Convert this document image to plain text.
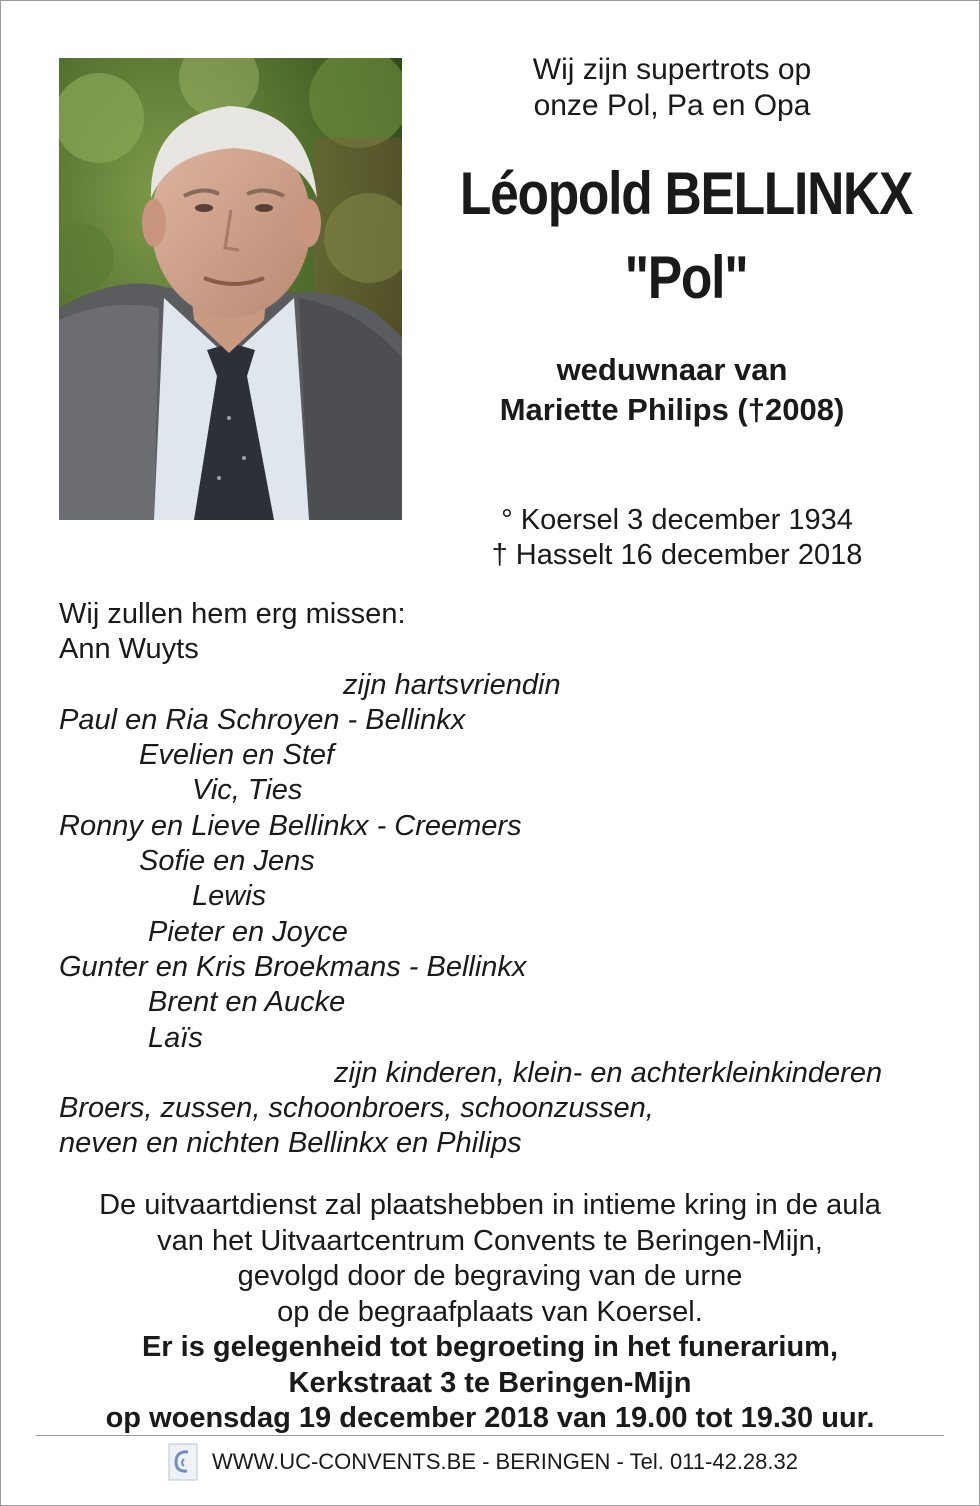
Wij zijn supertrots op
onze Pol, Pa en Opa
Léopold BELLINKX
"Pol"
weduwnaar van
Mariette Philips (†2008)
° Koersel 3 december 1934
† Hasselt 16 december 2018
Wij zullen hem erg missen:
Ann Wuyts
zijn hartsvriendin
Paul en Ria Schroyen - Bellinkx
Evelien en Stef
Vic, Ties
Ronny en Lieve Bellinkx - Creemers
Sofie en Jens
Lewis
Pieter en Joyce
Gunter en Kris Broekmans - Bellinkx
Brent en Aucke
Laïs
zijn kinderen, klein- en achterkleinkinderen
Broers, zussen, schoonbroers, schoonzussen,
neven en nichten Bellinkx en Philips
De uitvaartdienst zal plaatshebben in intieme kring in de aula
van het Uitvaartcentrum Convents te Beringen-Mijn,
gevolgd door de begraving van de urne
op de begraafplaats van Koersel.
Er is gelegenheid tot begroeting in het funerarium,
Kerkstraat 3 te Beringen-Mijn
op woensdag 19 december 2018 van 19.00 tot 19.30 uur.
WWW.UC-CONVENTS.BE - BERINGEN - Tel. 011-42.28.32
